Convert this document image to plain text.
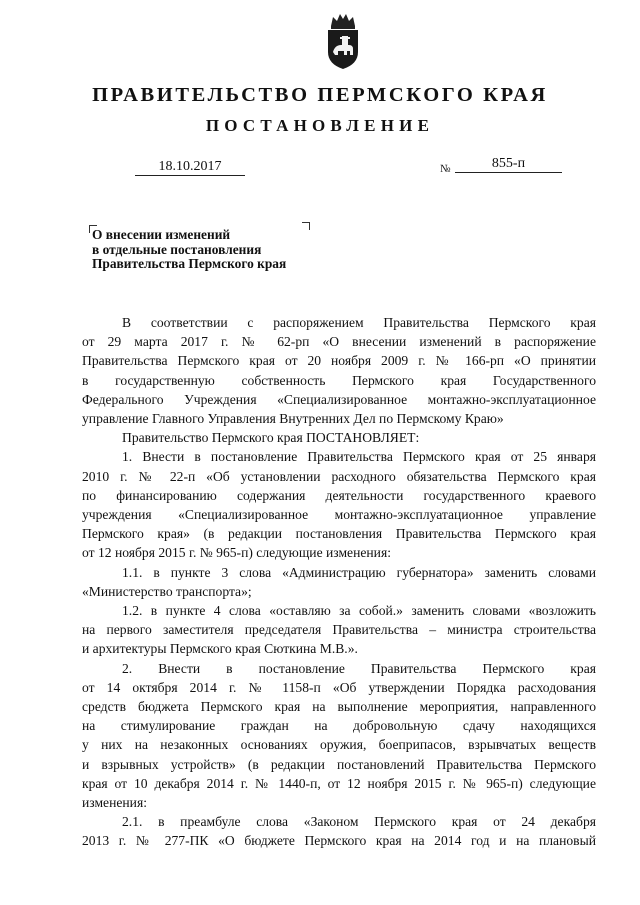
ПРАВИТЕЛЬСТВО ПЕРМСКОГО КРАЯ
ПОСТАНОВЛЕНИЕ
18.10.2017	№	855-п
О внесении изменений
в отдельные постановления
Правительства Пермского края
В соответствии с распоряжением Правительства Пермского края
от 29 марта 2017 г. № 62-рп «О внесении изменений в распоряжение
Правительства Пермского края от 20 ноября 2009 г. № 166-рп «О принятии
в государственную собственность Пермского края Государственного
Федерального Учреждения «Специализированное монтажно-эксплуатационное
управление Главного Управления Внутренних Дел по Пермскому Краю»
Правительство Пермского края ПОСТАНОВЛЯЕТ:
1. Внести в постановление Правительства Пермского края от 25 января
2010 г. № 22-п «Об установлении расходного обязательства Пермского края
по финансированию содержания деятельности государственного краевого
учреждения «Специализированное монтажно-эксплуатационное управление
Пермского края» (в редакции постановления Правительства Пермского края
от 12 ноября 2015 г. № 965-п) следующие изменения:
1.1. в пункте 3 слова «Администрацию губернатора» заменить словами
«Министерство транспорта»;
1.2. в пункте 4 слова «оставляю за собой.» заменить словами «возложить
на первого заместителя председателя Правительства – министра строительства
и архитектуры Пермского края Сюткина М.В.».
2. Внести в постановление Правительства Пермского края
от 14 октября 2014 г. № 1158-п «Об утверждении Порядка расходования
средств бюджета Пермского края на выполнение мероприятия, направленного
на стимулирование граждан на добровольную сдачу находящихся
у них на незаконных основаниях оружия, боеприпасов, взрывчатых веществ
и взрывных устройств» (в редакции постановлений Правительства Пермского
края от 10 декабря 2014 г. № 1440-п, от 12 ноября 2015 г. № 965-п) следующие
изменения:
2.1. в преамбуле слова «Законом Пермского края от 24 декабря
2013 г. № 277-ПК «О бюджете Пермского края на 2014 год и на плановый
